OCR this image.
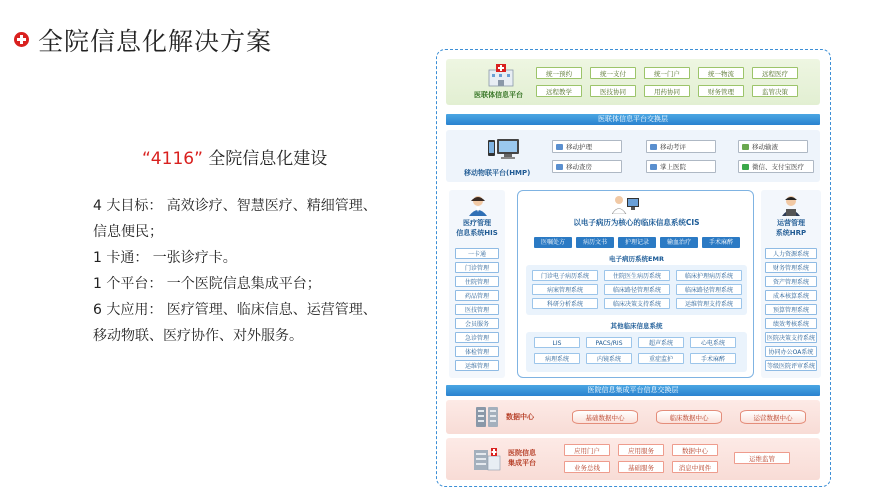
全院信息化解决方案
“4116” 全院信息化建设
4 大目标： 高效诊疗、智慧医疗、精细管理、
信息便民；
1 卡通： 一张诊疗卡。
1 个平台： 一个医院信息集成平台；
6 大应用： 医疗管理、临床信息、运营管理、
移动物联、医疗协作、对外服务。
医联体信息平台
统一预约	统一支付	统一门户	统一物流	远程医疗
远程教学	医技协同	用药协同	财务管理	监管决策
医联体信息平台交换层
移动物联平台(HMP)
移动护理	移动考评	移动输液
移动查房	掌上医院	微信、支付宝医疗
医疗管理
信息系统HIS
一卡通
门诊管理
住院管理
药品管理
医技管理
会员服务
急诊管理
体检管理
运维管理
运营管理
系统HRP
人力资源系统
财务管理系统
资产管理系统
成本核算系统
预算管理系统
绩效考核系统
医院决策支持系统
协同办公OA系统
等级医院评审系统
以电子病历为核心的临床信息系统CIS
医嘱处方	病历文书	护理记录	输血治疗	手术麻醉
电子病历系统EMR
门诊电子病历系统	住院医生病历系统	临床护理病历系统
病案管理系统	临床路径管理系统	临床路径管理系统
科研分析系统	临床决策支持系统	运维管理支持系统
其他临床信息系统
LIS	PACS/RIS	超声系统	心电系统
病理系统	内镜系统	重症监护	手术麻醉
医院信息集成平台信息交换层
数据中心	基础数据中心	临床数据中心	运营数据中心
医院信息
集成平台
应用门户	应用服务	数据中心
业务总线	基础服务	消息中间件
运维监管
